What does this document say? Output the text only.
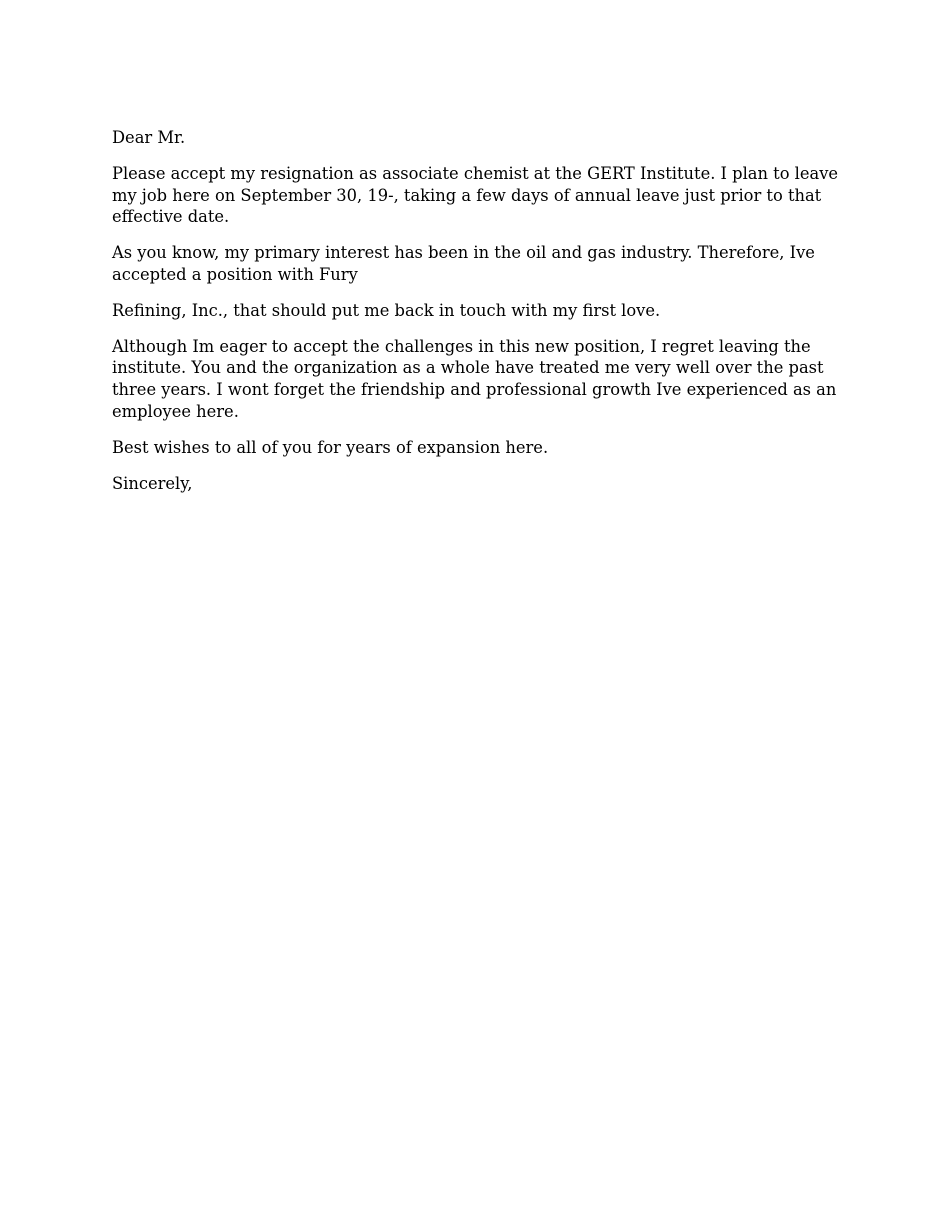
Dear Mr.

Please accept my resignation as associate chemist at the GERT Institute. I plan to leave my job here on September 30, 19-, taking a few days of annual leave just prior to that effective date.

As you know, my primary interest has been in the oil and gas industry. Therefore, Ive accepted a position with Fury

Refining, Inc., that should put me back in touch with my first love.

Although Im eager to accept the challenges in this new position, I regret leaving the institute. You and the organization as a whole have treated me very well over the past three years. I wont forget the friendship and professional growth Ive experienced as an employee here.

Best wishes to all of you for years of expansion here.

Sincerely,
